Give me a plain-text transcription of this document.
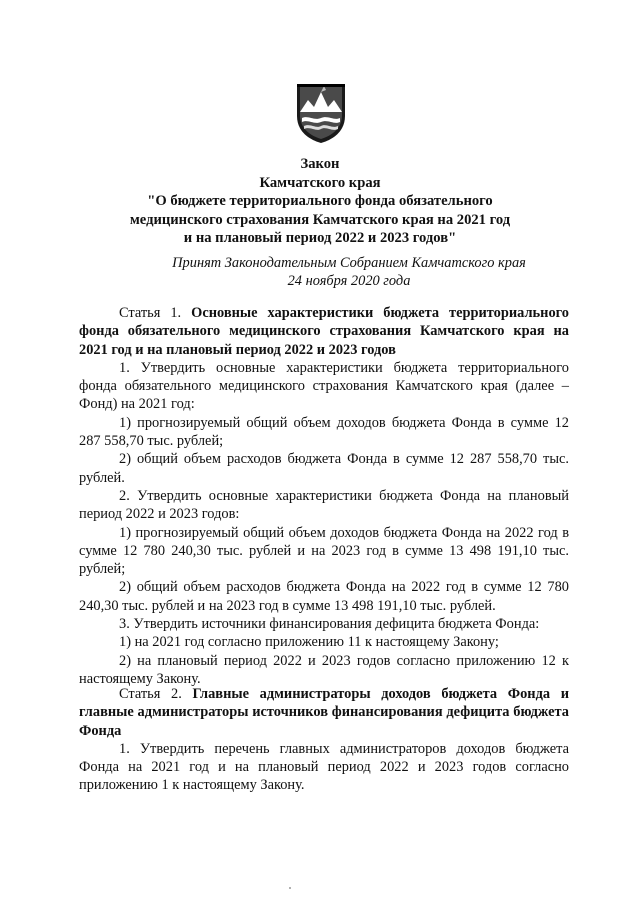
Закон
Камчатского края
"О бюджете территориального фонда обязательного
медицинского страхования Камчатского края на 2021 год
и на плановый период 2022 и 2023 годов"
Принят Законодательным Собранием Камчатского края
24 ноября 2020 года

Статья 1. Основные характеристики бюджета территориального фонда обязательного медицинского страхования Камчатского края на 2021 год и на плановый период 2022 и 2023 годов

1. Утвердить основные характеристики бюджета территориального фонда обязательного медицинского страхования Камчатского края (далее – Фонд) на 2021 год:

1) прогнозируемый общий объем доходов бюджета Фонда в сумме 12 287 558,70 тыс. рублей;

2) общий объем расходов бюджета Фонда в сумме 12 287 558,70 тыс. рублей.

2. Утвердить основные характеристики бюджета Фонда на плановый период 2022 и 2023 годов:

1) прогнозируемый общий объем доходов бюджета Фонда на 2022 год в сумме 12 780 240,30 тыс. рублей и на 2023 год в сумме 13 498 191,10 тыс. рублей;

2) общий объем расходов бюджета Фонда на 2022 год в сумме 12 780 240,30 тыс. рублей и на 2023 год в сумме 13 498 191,10 тыс. рублей.

3. Утвердить источники финансирования дефицита бюджета Фонда:

1) на 2021 год согласно приложению 11 к настоящему Закону;

2) на плановый период 2022 и 2023 годов согласно приложению 12 к настоящему Закону.

Статья 2. Главные администраторы доходов бюджета Фонда и главные администраторы источников финансирования дефицита бюджета Фонда

1. Утвердить перечень главных администраторов доходов бюджета Фонда на 2021 год и на плановый период 2022 и 2023 годов согласно приложению 1 к настоящему Закону.
